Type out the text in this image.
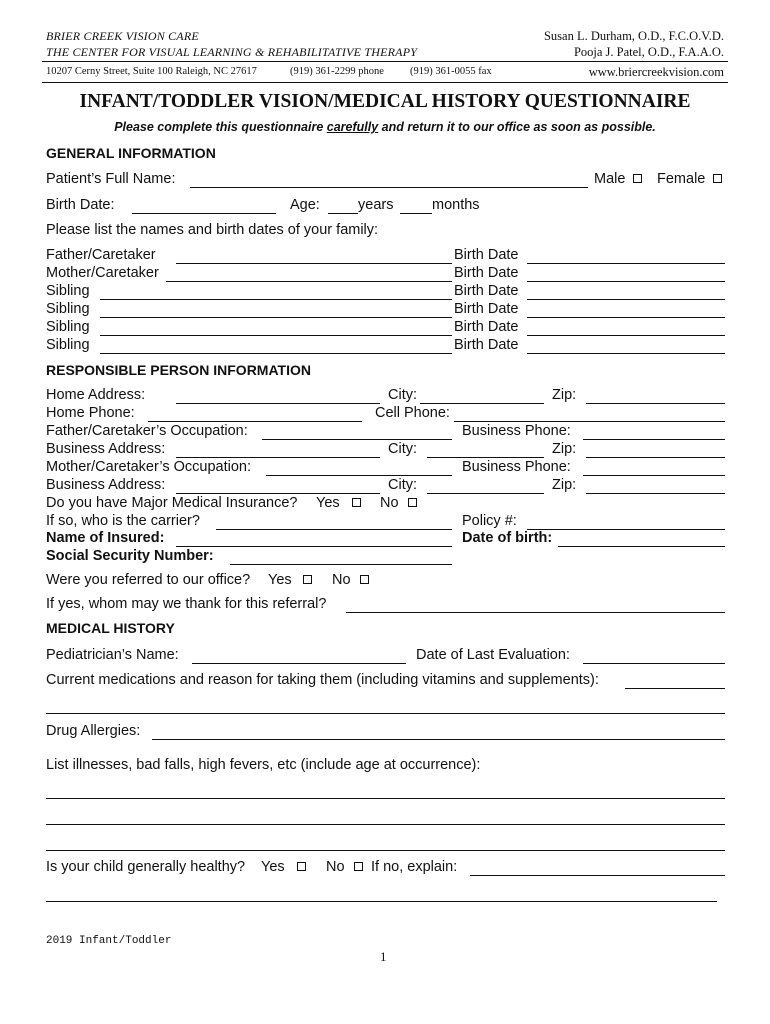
BRIER CREEK VISION CARE
THE CENTER FOR VISUAL LEARNING & REHABILITATIVE THERAPY
Susan L. Durham, O.D., F.C.O.V.D.
Pooja J. Patel, O.D., F.A.A.O.
10207 Cerny Street, Suite 100 Raleigh, NC 27617	(919) 361-2299 phone (919) 361-0055 fax	www.briercreekvision.com
INFANT/TODDLER VISION/MEDICAL HISTORY QUESTIONNAIRE
Please complete this questionnaire carefully and return it to our office as soon as possible.
GENERAL INFORMATION
Patient’s Full Name:	Male Female
Birth Date:	Age:	years	months
Please list the names and birth dates of your family:
Father/Caretaker	Birth Date
Mother/Caretaker	Birth Date
Sibling	Birth Date
Sibling	Birth Date
Sibling	Birth Date
Sibling	Birth Date
RESPONSIBLE PERSON INFORMATION
Home Address:	City:	Zip:
Home Phone:	Cell Phone:
Father/Caretaker’s Occupation:	Business Phone:
Business Address:	City:	Zip:
Mother/Caretaker’s Occupation:	Business Phone:
Business Address:	City:	Zip:
Do you have Major Medical Insurance? Yes	No
If so, who is the carrier?	Policy #:
Name of Insured:	Date of birth:
Social Security Number:
Were you referred to our office? Yes	No
If yes, whom may we thank for this referral?
MEDICAL HISTORY
Pediatrician’s Name:	Date of Last Evaluation:
Current medications and reason for taking them (including vitamins and supplements):
Drug Allergies:
List illnesses, bad falls, high fevers, etc (include age at occurrence):
Is your child generally healthy? Yes	No If no, explain:
2019 Infant/Toddler
1
